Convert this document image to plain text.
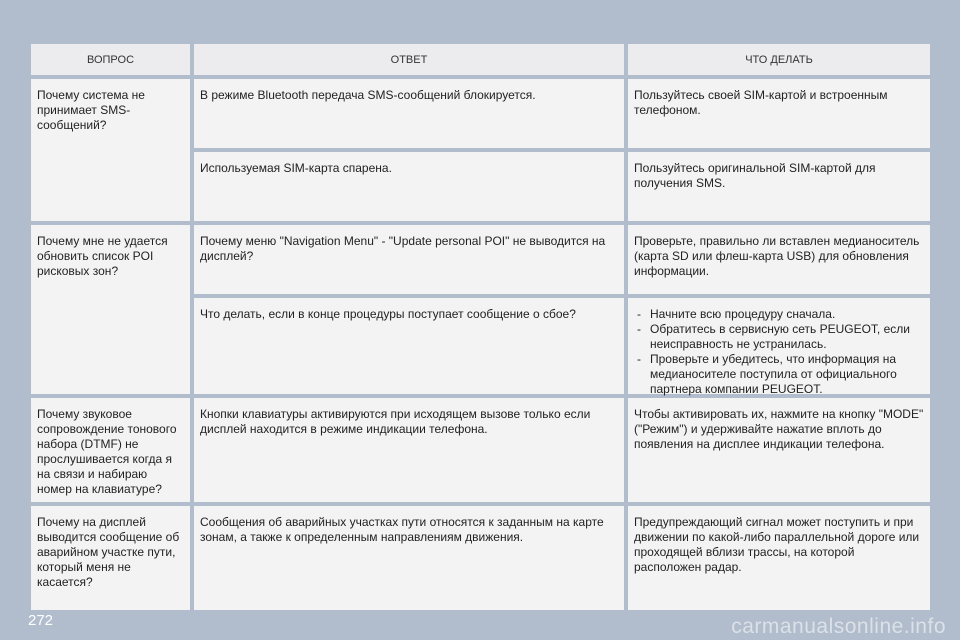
ВОПРОС	ОТВЕТ	ЧТО ДЕЛАТЬ
Почему система не принимает SMS-сообщений?
В режиме Bluetooth передача SMS-сообщений блокируется.	Пользуйтесь своей SIM-картой и встроенным телефоном.
Используемая SIM-карта спарена.	Пользуйтесь оригинальной SIM-картой для получения SMS.
Почему мне не удается обновить список POI рисковых зон?
Почему меню "Navigation Menu" - "Update personal POI" не выводится на дисплей?
Проверьте, правильно ли вставлен медианоситель (карта SD или флеш-карта USB) для обновления информации.
Что делать, если в конце процедуры поступает сообщение о сбое?
-	Начните всю процедуру сначала.
- Обратитесь в сервисную сеть PEUGEOT, если неисправность не устранилась.
- Проверьте и убедитесь, что информация на медианосителе поступила от официального партнера компании PEUGEOT.
Почему звуковое сопровождение тонового набора (DTMF) не прослушивается когда я на связи и набираю номер на клавиатуре?
Кнопки клавиатуры активируются при исходящем вызове только если дисплей находится в режиме индикации телефона.
Чтобы активировать их, нажмите на кнопку "MODE" ("Режим") и удерживайте нажатие вплоть до появления на дисплее индикации телефона.
Почему на дисплей выводится сообщение об аварийном участке пути, который меня не касается?
Сообщения об аварийных участках пути относятся к заданным на карте зонам, а также к определенным направлениям движения.
Предупреждающий сигнал может поступить и при движении по какой-либо параллельной дороге или проходящей вблизи трассы, на которой расположен радар.
272	carmanualsonline.info
